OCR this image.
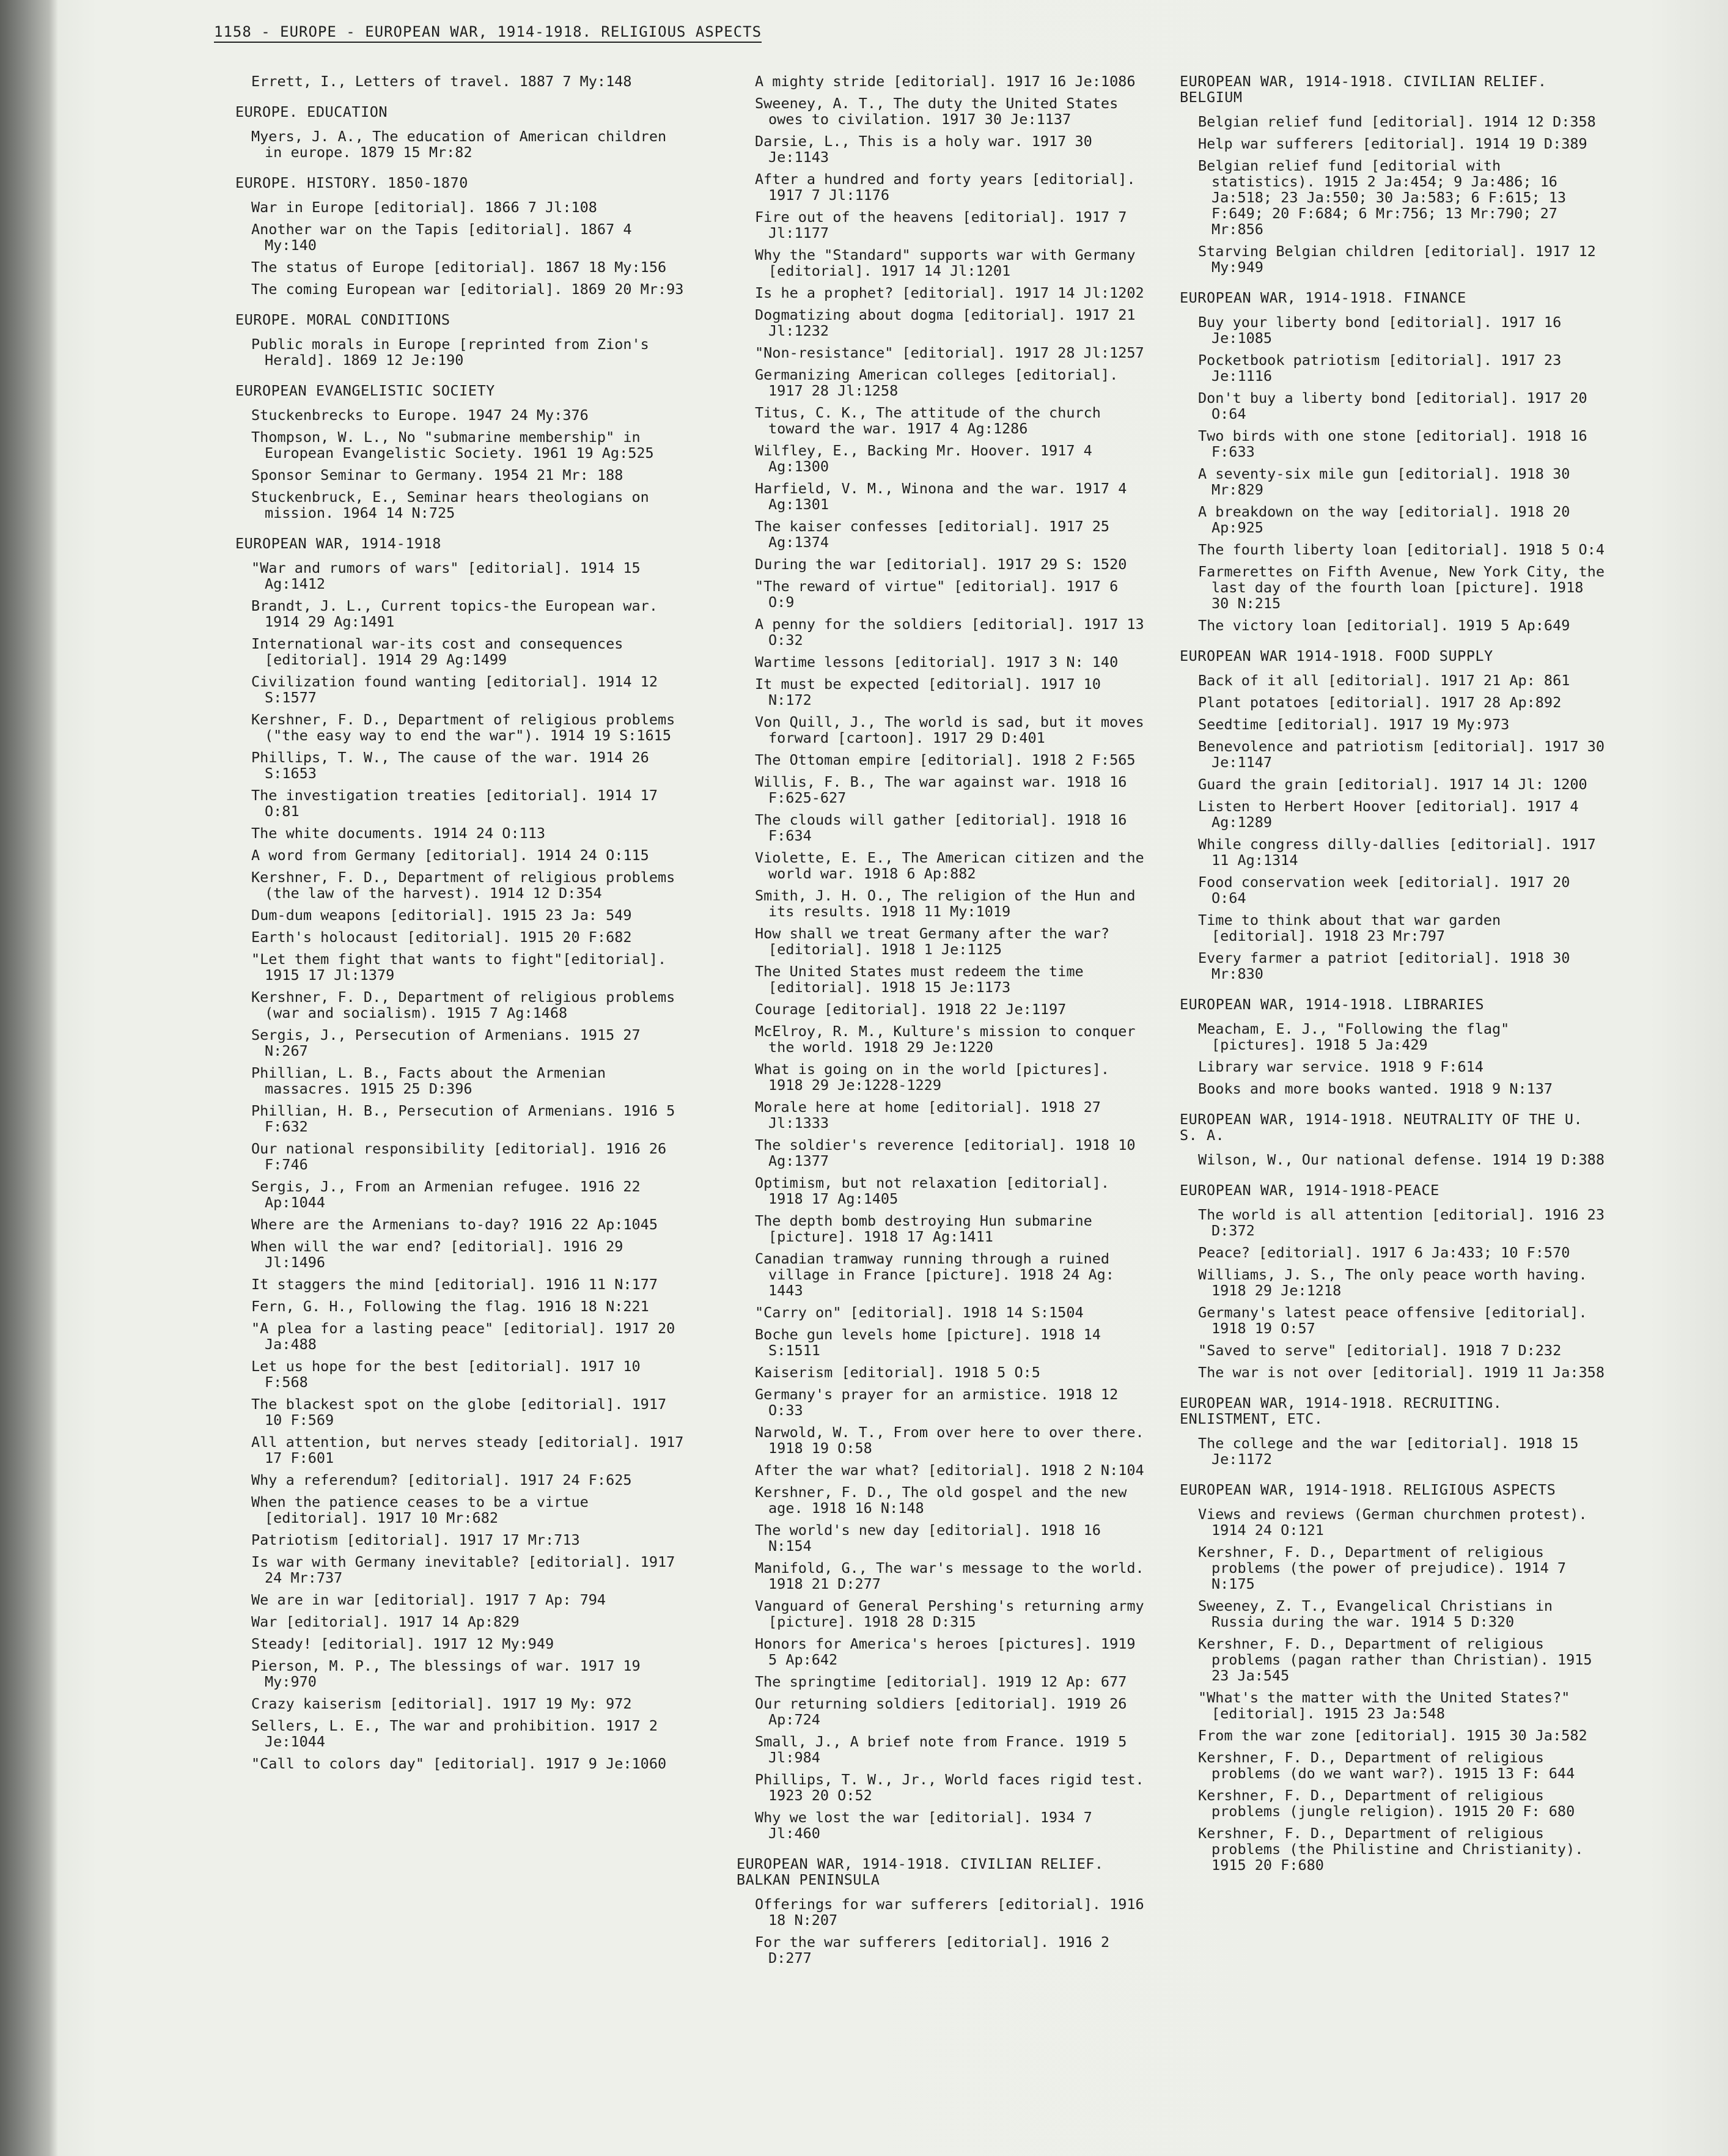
1158 - EUROPE - EUROPEAN WAR, 1914-1918. RELIGIOUS ASPECTS
Errett, I., Letters of travel. 1887 7 My:148
EUROPE. EDUCATION
Myers, J. A., The education of American children in europe. 1879 15 Mr:82
EUROPE. HISTORY. 1850-1870
War in Europe [editorial]. 1866 7 Jl:108
Another war on the Tapis [editorial]. 1867 4 My:140
The status of Europe [editorial]. 1867 18 My:156
The coming European war [editorial]. 1869 20 Mr:93
EUROPE. MORAL CONDITIONS
Public morals in Europe [reprinted from Zion's Herald]. 1869 12 Je:190
EUROPEAN EVANGELISTIC SOCIETY
Stuckenbrecks to Europe. 1947 24 My:376
Thompson, W. L., No "submarine membership" in European Evangelistic Society. 1961 19 Ag:525
Sponsor Seminar to Germany. 1954 21 Mr: 188
Stuckenbruck, E., Seminar hears theologians on mission. 1964 14 N:725
EUROPEAN WAR, 1914-1918
"War and rumors of wars" [editorial]. 1914 15 Ag:1412
Brandt, J. L., Current topics-the European war. 1914 29 Ag:1491
International war-its cost and consequences [editorial]. 1914 29 Ag:1499
Civilization found wanting [editorial]. 1914 12 S:1577
Kershner, F. D., Department of religious problems ("the easy way to end the war"). 1914 19 S:1615
Phillips, T. W., The cause of the war. 1914 26 S:1653
The investigation treaties [editorial]. 1914 17 O:81
The white documents. 1914 24 O:113
A word from Germany [editorial]. 1914 24 O:115
Kershner, F. D., Department of religious problems (the law of the harvest). 1914 12 D:354
Dum-dum weapons [editorial]. 1915 23 Ja: 549
Earth's holocaust [editorial]. 1915 20 F:682
"Let them fight that wants to fight"[editorial]. 1915 17 Jl:1379
Kershner, F. D., Department of religious problems (war and socialism). 1915 7 Ag:1468
Sergis, J., Persecution of Armenians. 1915 27 N:267
Phillian, L. B., Facts about the Armenian massacres. 1915 25 D:396
Phillian, H. B., Persecution of Armenians. 1916 5 F:632
Our national responsibility [editorial]. 1916 26 F:746
Sergis, J., From an Armenian refugee. 1916 22 Ap:1044
Where are the Armenians to-day? 1916 22 Ap:1045
When will the war end? [editorial]. 1916 29 Jl:1496
It staggers the mind [editorial]. 1916 11 N:177
Fern, G. H., Following the flag. 1916 18 N:221
"A plea for a lasting peace" [editorial]. 1917 20 Ja:488
Let us hope for the best [editorial]. 1917 10 F:568
The blackest spot on the globe [editorial]. 1917 10 F:569
All attention, but nerves steady [editorial]. 1917 17 F:601
Why a referendum? [editorial]. 1917 24 F:625
When the patience ceases to be a virtue [editorial]. 1917 10 Mr:682
Patriotism [editorial]. 1917 17 Mr:713
Is war with Germany inevitable? [editorial]. 1917 24 Mr:737
We are in war [editorial]. 1917 7 Ap: 794
War [editorial]. 1917 14 Ap:829
Steady! [editorial]. 1917 12 My:949
Pierson, M. P., The blessings of war. 1917 19 My:970
Crazy kaiserism [editorial]. 1917 19 My: 972
Sellers, L. E., The war and prohibition. 1917 2 Je:1044
"Call to colors day" [editorial]. 1917 9 Je:1060
A mighty stride [editorial]. 1917 16 Je:1086
Sweeney, A. T., The duty the United States owes to civilation. 1917 30 Je:1137
Darsie, L., This is a holy war. 1917 30 Je:1143
After a hundred and forty years [editorial]. 1917 7 Jl:1176
Fire out of the heavens [editorial]. 1917 7 Jl:1177
Why the "Standard" supports war with Germany [editorial]. 1917 14 Jl:1201
Is he a prophet? [editorial]. 1917 14 Jl:1202
Dogmatizing about dogma [editorial]. 1917 21 Jl:1232
"Non-resistance" [editorial]. 1917 28 Jl:1257
Germanizing American colleges [editorial]. 1917 28 Jl:1258
Titus, C. K., The attitude of the church toward the war. 1917 4 Ag:1286
Wilfley, E., Backing Mr. Hoover. 1917 4 Ag:1300
Harfield, V. M., Winona and the war. 1917 4 Ag:1301
The kaiser confesses [editorial]. 1917 25 Ag:1374
During the war [editorial]. 1917 29 S: 1520
"The reward of virtue" [editorial]. 1917 6 O:9
A penny for the soldiers [editorial]. 1917 13 O:32
Wartime lessons [editorial]. 1917 3 N: 140
It must be expected [editorial]. 1917 10 N:172
Von Quill, J., The world is sad, but it moves forward [cartoon]. 1917 29 D:401
The Ottoman empire [editorial]. 1918 2 F:565
Willis, F. B., The war against war. 1918 16 F:625-627
The clouds will gather [editorial]. 1918 16 F:634
Violette, E. E., The American citizen and the world war. 1918 6 Ap:882
Smith, J. H. O., The religion of the Hun and its results. 1918 11 My:1019
How shall we treat Germany after the war? [editorial]. 1918 1 Je:1125
The United States must redeem the time [editorial]. 1918 15 Je:1173
Courage [editorial]. 1918 22 Je:1197
McElroy, R. M., Kulture's mission to conquer the world. 1918 29 Je:1220
What is going on in the world [pictures]. 1918 29 Je:1228-1229
Morale here at home [editorial]. 1918 27 Jl:1333
The soldier's reverence [editorial]. 1918 10 Ag:1377
Optimism, but not relaxation [editorial]. 1918 17 Ag:1405
The depth bomb destroying Hun submarine [picture]. 1918 17 Ag:1411
Canadian tramway running through a ruined village in France [picture]. 1918 24 Ag: 1443
"Carry on" [editorial]. 1918 14 S:1504
Boche gun levels home [picture]. 1918 14 S:1511
Kaiserism [editorial]. 1918 5 O:5
Germany's prayer for an armistice. 1918 12 O:33
Narwold, W. T., From over here to over there. 1918 19 O:58
After the war what? [editorial]. 1918 2 N:104
Kershner, F. D., The old gospel and the new age. 1918 16 N:148
The world's new day [editorial]. 1918 16 N:154
Manifold, G., The war's message to the world. 1918 21 D:277
Vanguard of General Pershing's returning army [picture]. 1918 28 D:315
Honors for America's heroes [pictures]. 1919 5 Ap:642
The springtime [editorial]. 1919 12 Ap: 677
Our returning soldiers [editorial]. 1919 26 Ap:724
Small, J., A brief note from France. 1919 5 Jl:984
Phillips, T. W., Jr., World faces rigid test. 1923 20 O:52
Why we lost the war [editorial]. 1934 7 Jl:460
EUROPEAN WAR, 1914-1918. CIVILIAN RELIEF. BALKAN PENINSULA
Offerings for war sufferers [editorial]. 1916 18 N:207
For the war sufferers [editorial]. 1916 2 D:277
EUROPEAN WAR, 1914-1918. CIVILIAN RELIEF. BELGIUM
Belgian relief fund [editorial]. 1914 12 D:358
Help war sufferers [editorial]. 1914 19 D:389
Belgian relief fund [editorial with statistics). 1915 2 Ja:454; 9 Ja:486; 16 Ja:518; 23 Ja:550; 30 Ja:583; 6 F:615; 13 F:649; 20 F:684; 6 Mr:756; 13 Mr:790; 27 Mr:856
Starving Belgian children [editorial]. 1917 12 My:949
EUROPEAN WAR, 1914-1918. FINANCE
Buy your liberty bond [editorial]. 1917 16 Je:1085
Pocketbook patriotism [editorial]. 1917 23 Je:1116
Don't buy a liberty bond [editorial]. 1917 20 O:64
Two birds with one stone [editorial]. 1918 16 F:633
A seventy-six mile gun [editorial]. 1918 30 Mr:829
A breakdown on the way [editorial]. 1918 20 Ap:925
The fourth liberty loan [editorial]. 1918 5 O:4
Farmerettes on Fifth Avenue, New York City, the last day of the fourth loan [picture]. 1918 30 N:215
The victory loan [editorial]. 1919 5 Ap:649
EUROPEAN WAR 1914-1918. FOOD SUPPLY
Back of it all [editorial]. 1917 21 Ap: 861
Plant potatoes [editorial]. 1917 28 Ap:892
Seedtime [editorial]. 1917 19 My:973
Benevolence and patriotism [editorial]. 1917 30 Je:1147
Guard the grain [editorial]. 1917 14 Jl: 1200
Listen to Herbert Hoover [editorial]. 1917 4 Ag:1289
While congress dilly-dallies [editorial]. 1917 11 Ag:1314
Food conservation week [editorial]. 1917 20 O:64
Time to think about that war garden [editorial]. 1918 23 Mr:797
Every farmer a patriot [editorial]. 1918 30 Mr:830
EUROPEAN WAR, 1914-1918. LIBRARIES
Meacham, E. J., "Following the flag" [pictures]. 1918 5 Ja:429
Library war service. 1918 9 F:614
Books and more books wanted. 1918 9 N:137
EUROPEAN WAR, 1914-1918. NEUTRALITY OF THE U. S. A.
Wilson, W., Our national defense. 1914 19 D:388
EUROPEAN WAR, 1914-1918-PEACE
The world is all attention [editorial]. 1916 23 D:372
Peace? [editorial]. 1917 6 Ja:433; 10 F:570
Williams, J. S., The only peace worth having. 1918 29 Je:1218
Germany's latest peace offensive [editorial]. 1918 19 O:57
"Saved to serve" [editorial]. 1918 7 D:232
The war is not over [editorial]. 1919 11 Ja:358
EUROPEAN WAR, 1914-1918. RECRUITING. ENLISTMENT, ETC.
The college and the war [editorial]. 1918 15 Je:1172
EUROPEAN WAR, 1914-1918. RELIGIOUS ASPECTS
Views and reviews (German churchmen protest). 1914 24 O:121
Kershner, F. D., Department of religious problems (the power of prejudice). 1914 7 N:175
Sweeney, Z. T., Evangelical Christians in Russia during the war. 1914 5 D:320
Kershner, F. D., Department of religious problems (pagan rather than Christian). 1915 23 Ja:545
"What's the matter with the United States?" [editorial]. 1915 23 Ja:548
From the war zone [editorial]. 1915 30 Ja:582
Kershner, F. D., Department of religious problems (do we want war?). 1915 13 F: 644
Kershner, F. D., Department of religious problems (jungle religion). 1915 20 F: 680
Kershner, F. D., Department of religious problems (the Philistine and Christianity). 1915 20 F:680
